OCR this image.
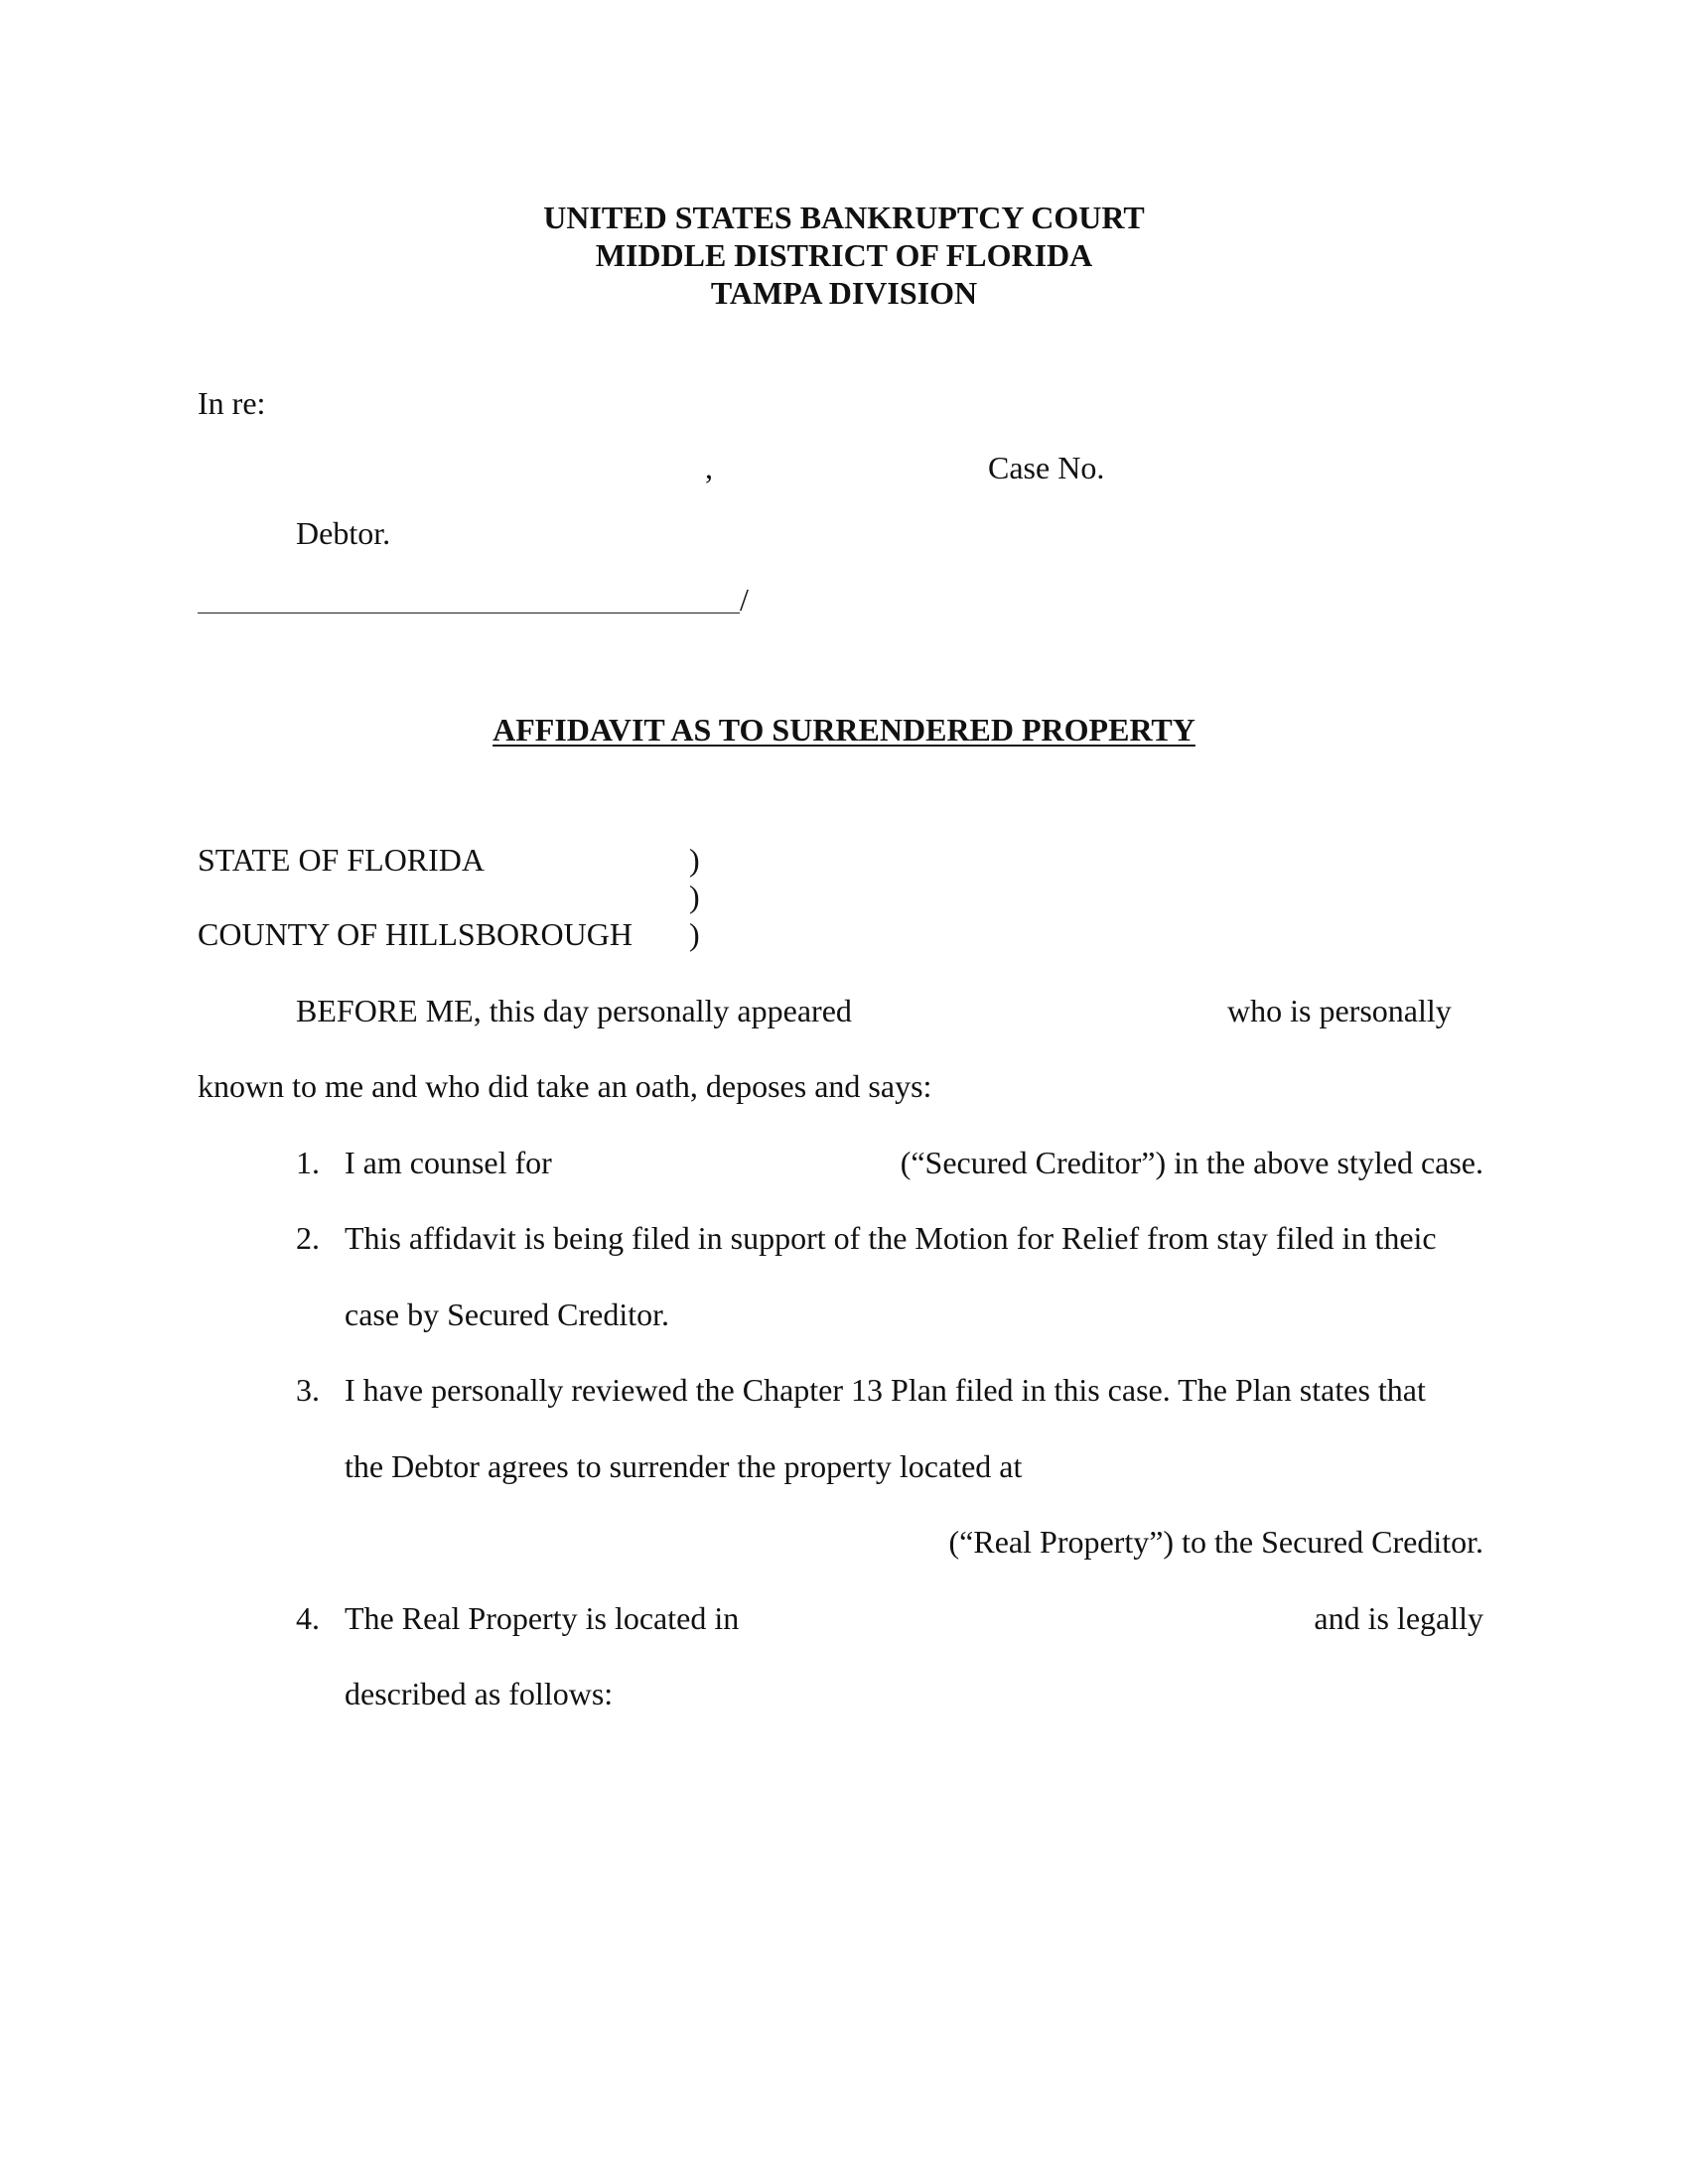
UNITED STATES BANKRUPTCY COURT
MIDDLE DISTRICT OF FLORIDA
TAMPA DIVISION
In re:
,	Case No.
Debtor.
/
AFFIDAVIT AS TO SURRENDERED PROPERTY
STATE OF FLORIDA	)
)
COUNTY OF HILLSBOROUGH )
BEFORE ME, this day personally appeared	who is personally
known to me and who did take an oath, deposes and says:
1. I am counsel for	(“Secured Creditor”) in the above styled case.
2. This affidavit is being filed in support of the Motion for Relief from stay filed in theic
case by Secured Creditor.
3. I have personally reviewed the Chapter 13 Plan filed in this case. The Plan states that
the Debtor agrees to surrender the property located at
(“Real Property”) to the Secured Creditor.
4. The Real Property is located in	and is legally
described as follows:
